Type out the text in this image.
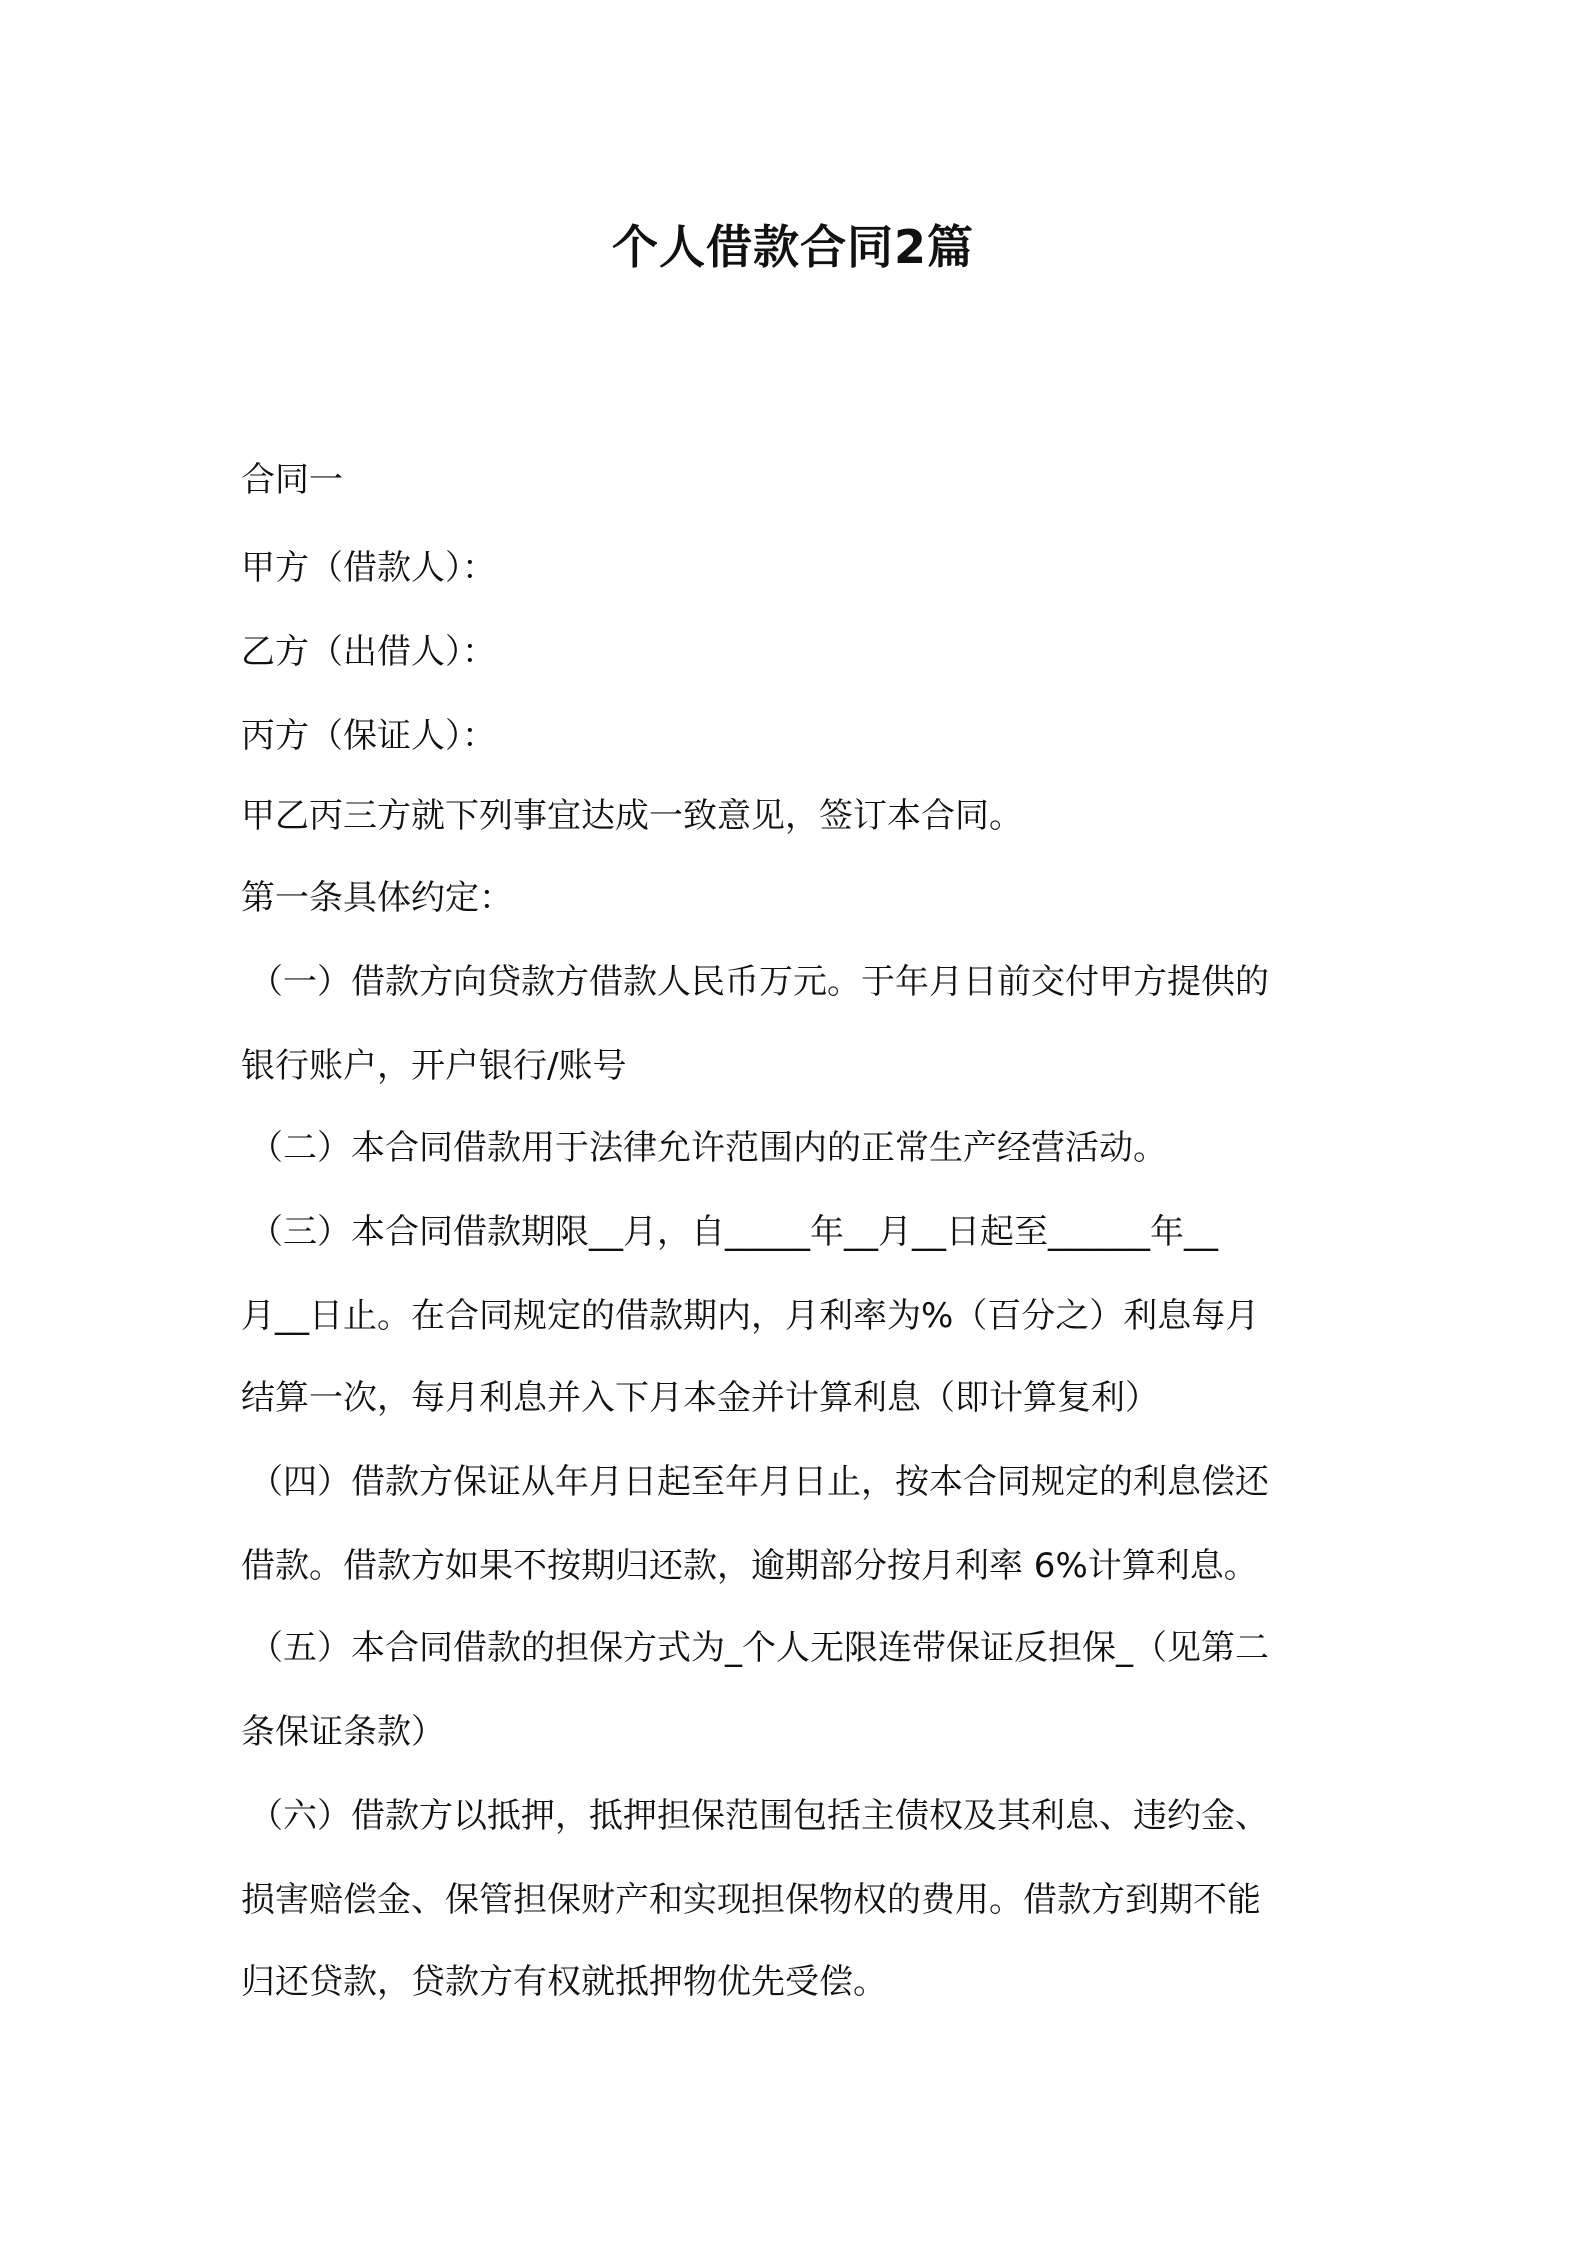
个人借款合同2篇

合同一

甲方（借款人）：

乙方（出借人）：

丙方（保证人）：

甲乙丙三方就下列事宜达成一致意见，签订本合同。

第一条具体约定：

（一）借款方向贷款方借款人民币万元。于年月日前交付甲方提供的

银行账户，开户银行/账号

（二）本合同借款用于法律允许范围内的正常生产经营活动。

（三）本合同借款期限__月，自_____年__月__日起至______年__

月__日止。在合同规定的借款期内，月利率为%（百分之）利息每月

结算一次，每月利息并入下月本金并计算利息（即计算复利）

（四）借款方保证从年月日起至年月日止，按本合同规定的利息偿还

借款。借款方如果不按期归还款，逾期部分按月利率 6%计算利息。

（五）本合同借款的担保方式为_个人无限连带保证反担保_（见第二

条保证条款）

（六）借款方以抵押，抵押担保范围包括主债权及其利息、违约金、

损害赔偿金、保管担保财产和实现担保物权的费用。借款方到期不能

归还贷款，贷款方有权就抵押物优先受偿。
